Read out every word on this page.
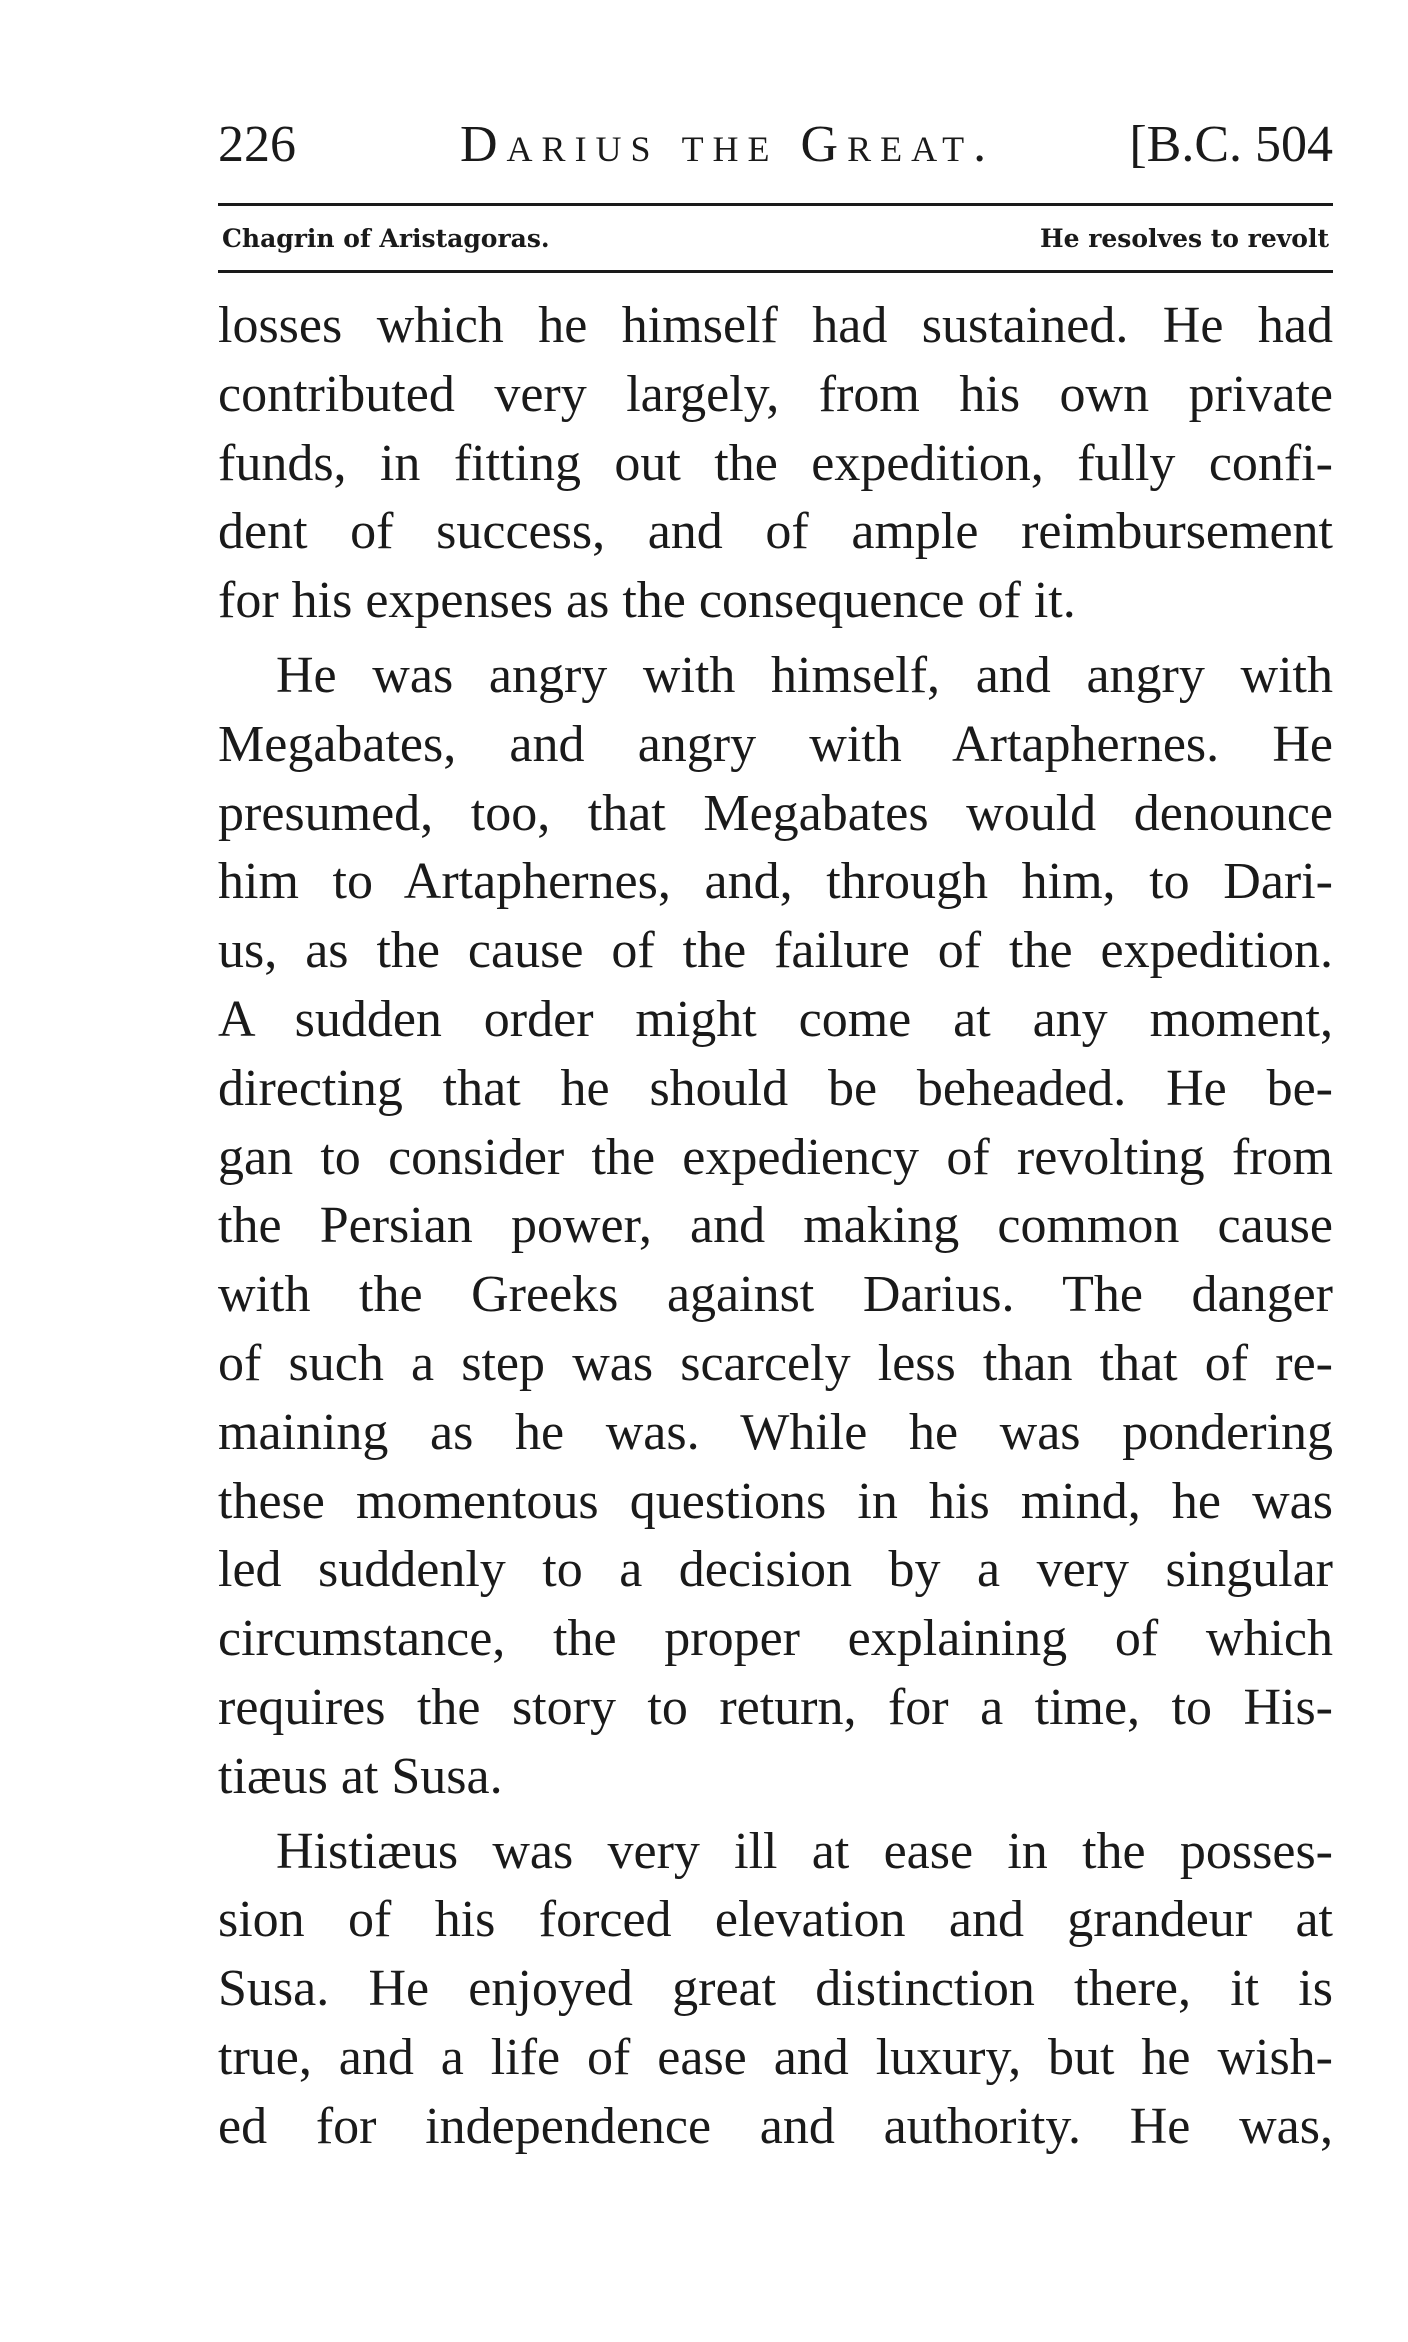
226	Darius the Great.	[B.C. 504
Chagrin of Aristagoras.	He resolves to revolt
losses which he himself had sustained. He had
contributed very largely, from his own private
funds, in fitting out the expedition, fully confi-
dent of success, and of ample reimbursement
for his expenses as the consequence of it.
He was angry with himself, and angry with
Megabates, and angry with Artaphernes. He
presumed, too, that Megabates would denounce
him to Artaphernes, and, through him, to Dari-
us, as the cause of the failure of the expedition.
A sudden order might come at any moment,
directing that he should be beheaded. He be-
gan to consider the expediency of revolting from
the Persian power, and making common cause
with the Greeks against Darius. The danger
of such a step was scarcely less than that of re-
maining as he was. While he was pondering
these momentous questions in his mind, he was
led suddenly to a decision by a very singular
circumstance, the proper explaining of which
requires the story to return, for a time, to His-
tiæus at Susa.
Histiæus was very ill at ease in the posses-
sion of his forced elevation and grandeur at
Susa. He enjoyed great distinction there, it is
true, and a life of ease and luxury, but he wish-
ed for independence and authority. He was,
